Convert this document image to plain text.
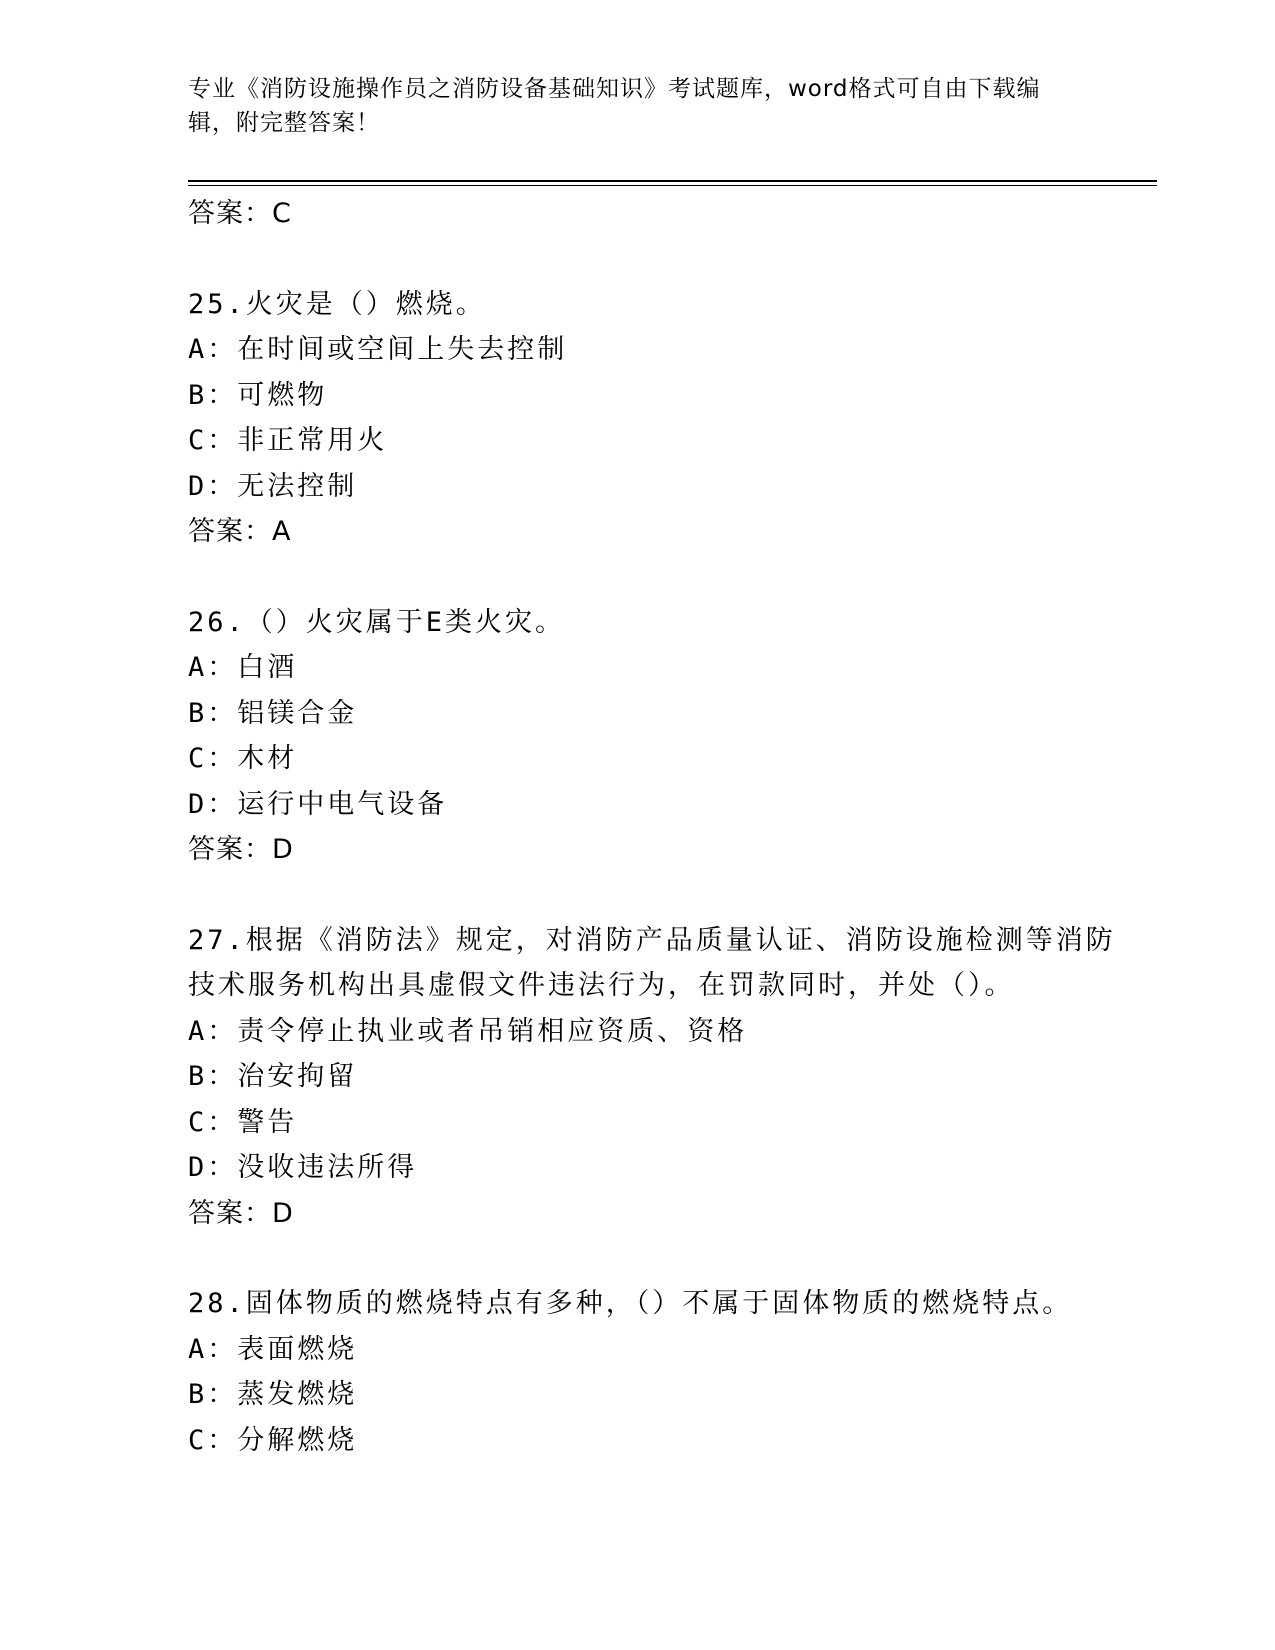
专业《消防设施操作员之消防设备基础知识》考试题库，word格式可自由下载编
辑，附完整答案！
答案：C
25.火灾是（）燃烧。
A：在时间或空间上失去控制
B：可燃物
C：非正常用火
D：无法控制
答案：A
26.（）火灾属于E类火灾。
A：白酒
B：铝镁合金
C：木材
D：运行中电气设备
答案：D
27.根据《消防法》规定，对消防产品质量认证、消防设施检测等消防
技术服务机构出具虚假文件违法行为，在罚款同时，并处（）。
A：责令停止执业或者吊销相应资质、资格
B：治安拘留
C：警告
D：没收违法所得
答案：D
28.固体物质的燃烧特点有多种，（）不属于固体物质的燃烧特点。
A：表面燃烧
B：蒸发燃烧
C：分解燃烧
